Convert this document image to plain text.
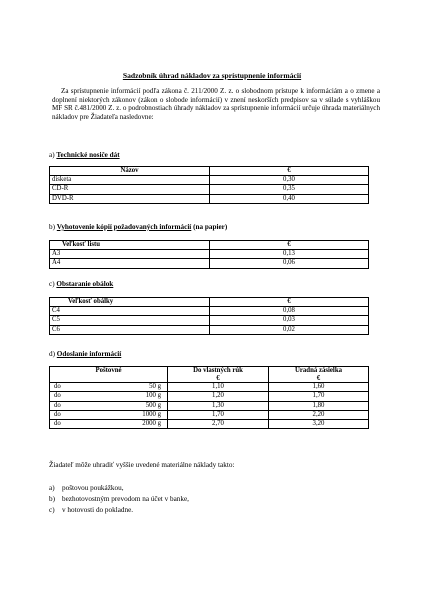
Sadzobník úhrad nákladov za sprístupnenie informácií

Za sprístupnenie informácií podľa zákona č. 211/2000 Z. z. o slobodnom prístupe k informáciám a o zmene a doplnení niektorých zákonov (zákon o slobode informácií) v znení neskorších predpisov sa v súlade s vyhláškou MF SR č.481/2000 Z. z. o podrobnostiach úhrady nákladov za sprístupnenie informácií určuje úhrada materiálnych nákladov pre Žiadateľa nasledovne:

a) Technické nosiče dát
Názov	€
disketa	0,30
CD-R	0,35
DVD-R	0,40
b) Vyhotovenie kópií požadovaných informácií (na papier)
Veľkosť listu	€
A3	0,13
A4	0,06
c) Obstaranie obálok
Veľkosť obálky	€
C4	0,08
C5	0,03
C6	0,02
d) Odoslanie informácií
Poštovné	Do vlastných rúk	Úradná zásielka
	€	€

do 50 g	1,10	1,60

do 100 g	1,20	1,70

do 500 g	1,30	1,80

do 1000 g	1,70	2,20

do 2000 g	2,70	3,20
Žiadateľ môže uhradiť vyššie uvedené materiálne náklady takto:
a) poštovou poukážkou,
b) bezhotovostným prevodom na účet v banke,
c) v hotovosti do pokladne.
